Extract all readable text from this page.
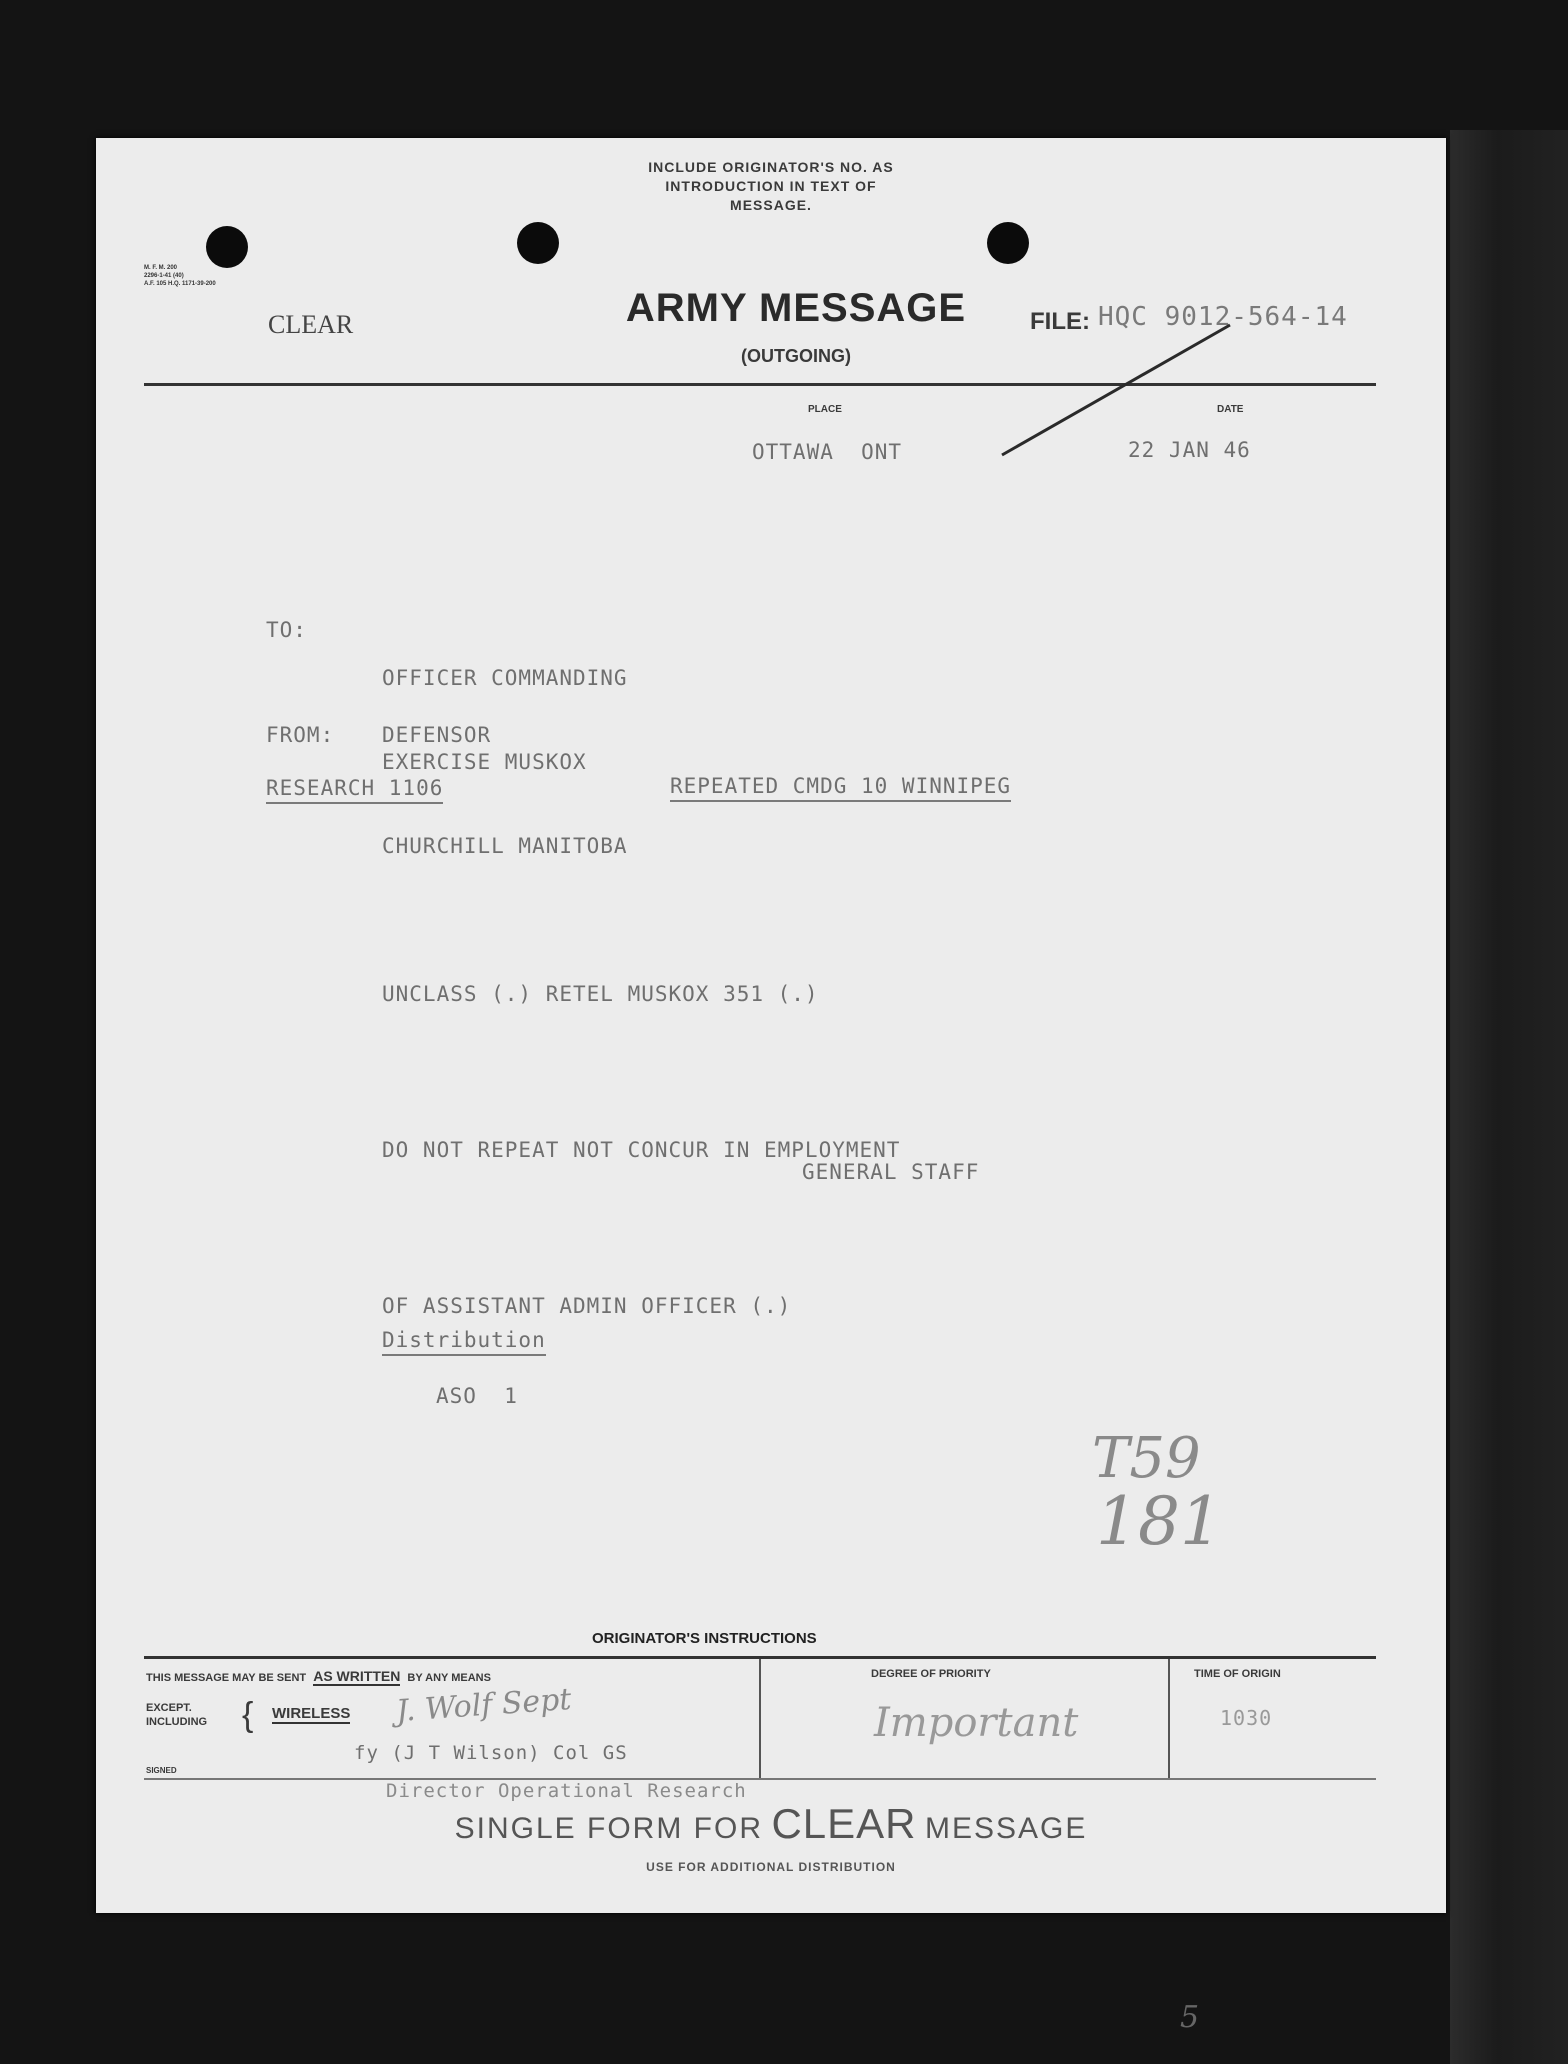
INCLUDE ORIGINATOR'S NO. AS
INTRODUCTION IN TEXT OF
MESSAGE.
M. F. M. 200
2296-1-41 (40)
A.F. 105 H.Q. 1171-39-200
CLEAR	ARMY MESSAGE
(OUTGOING)
FILE: HQC 9012-564-14
PLACE	DATE
OTTAWA  ONT	22 JAN 46
TO:

OFFICER COMMANDING

EXERCISE MUSKOX

CHURCHILL MANITOBA

FROM: DEFENSOR
RESEARCH 1106	REPEATED CMDG 10 WINNIPEG

UNCLASS (.) RETEL MUSKOX 351 (.)

DO NOT REPEAT NOT CONCUR IN EMPLOYMENT

OF ASSISTANT ADMIN OFFICER (.)

GENERAL STAFF
Distribution
ASO  1
T59
181
ORIGINATOR'S INSTRUCTIONS
THIS MESSAGE MAY BE SENT AS WRITTEN BY ANY MEANS
EXCEPT.
INCLUDING { WIRELESS J. Wolf Sept
SIGNED
fy (J T Wilson) Col GS
Director Operational Research
DEGREE OF PRIORITY
Important
TIME OF ORIGIN
1030
SINGLE FORM FOR CLEAR MESSAGE
USE FOR ADDITIONAL DISTRIBUTION
5
